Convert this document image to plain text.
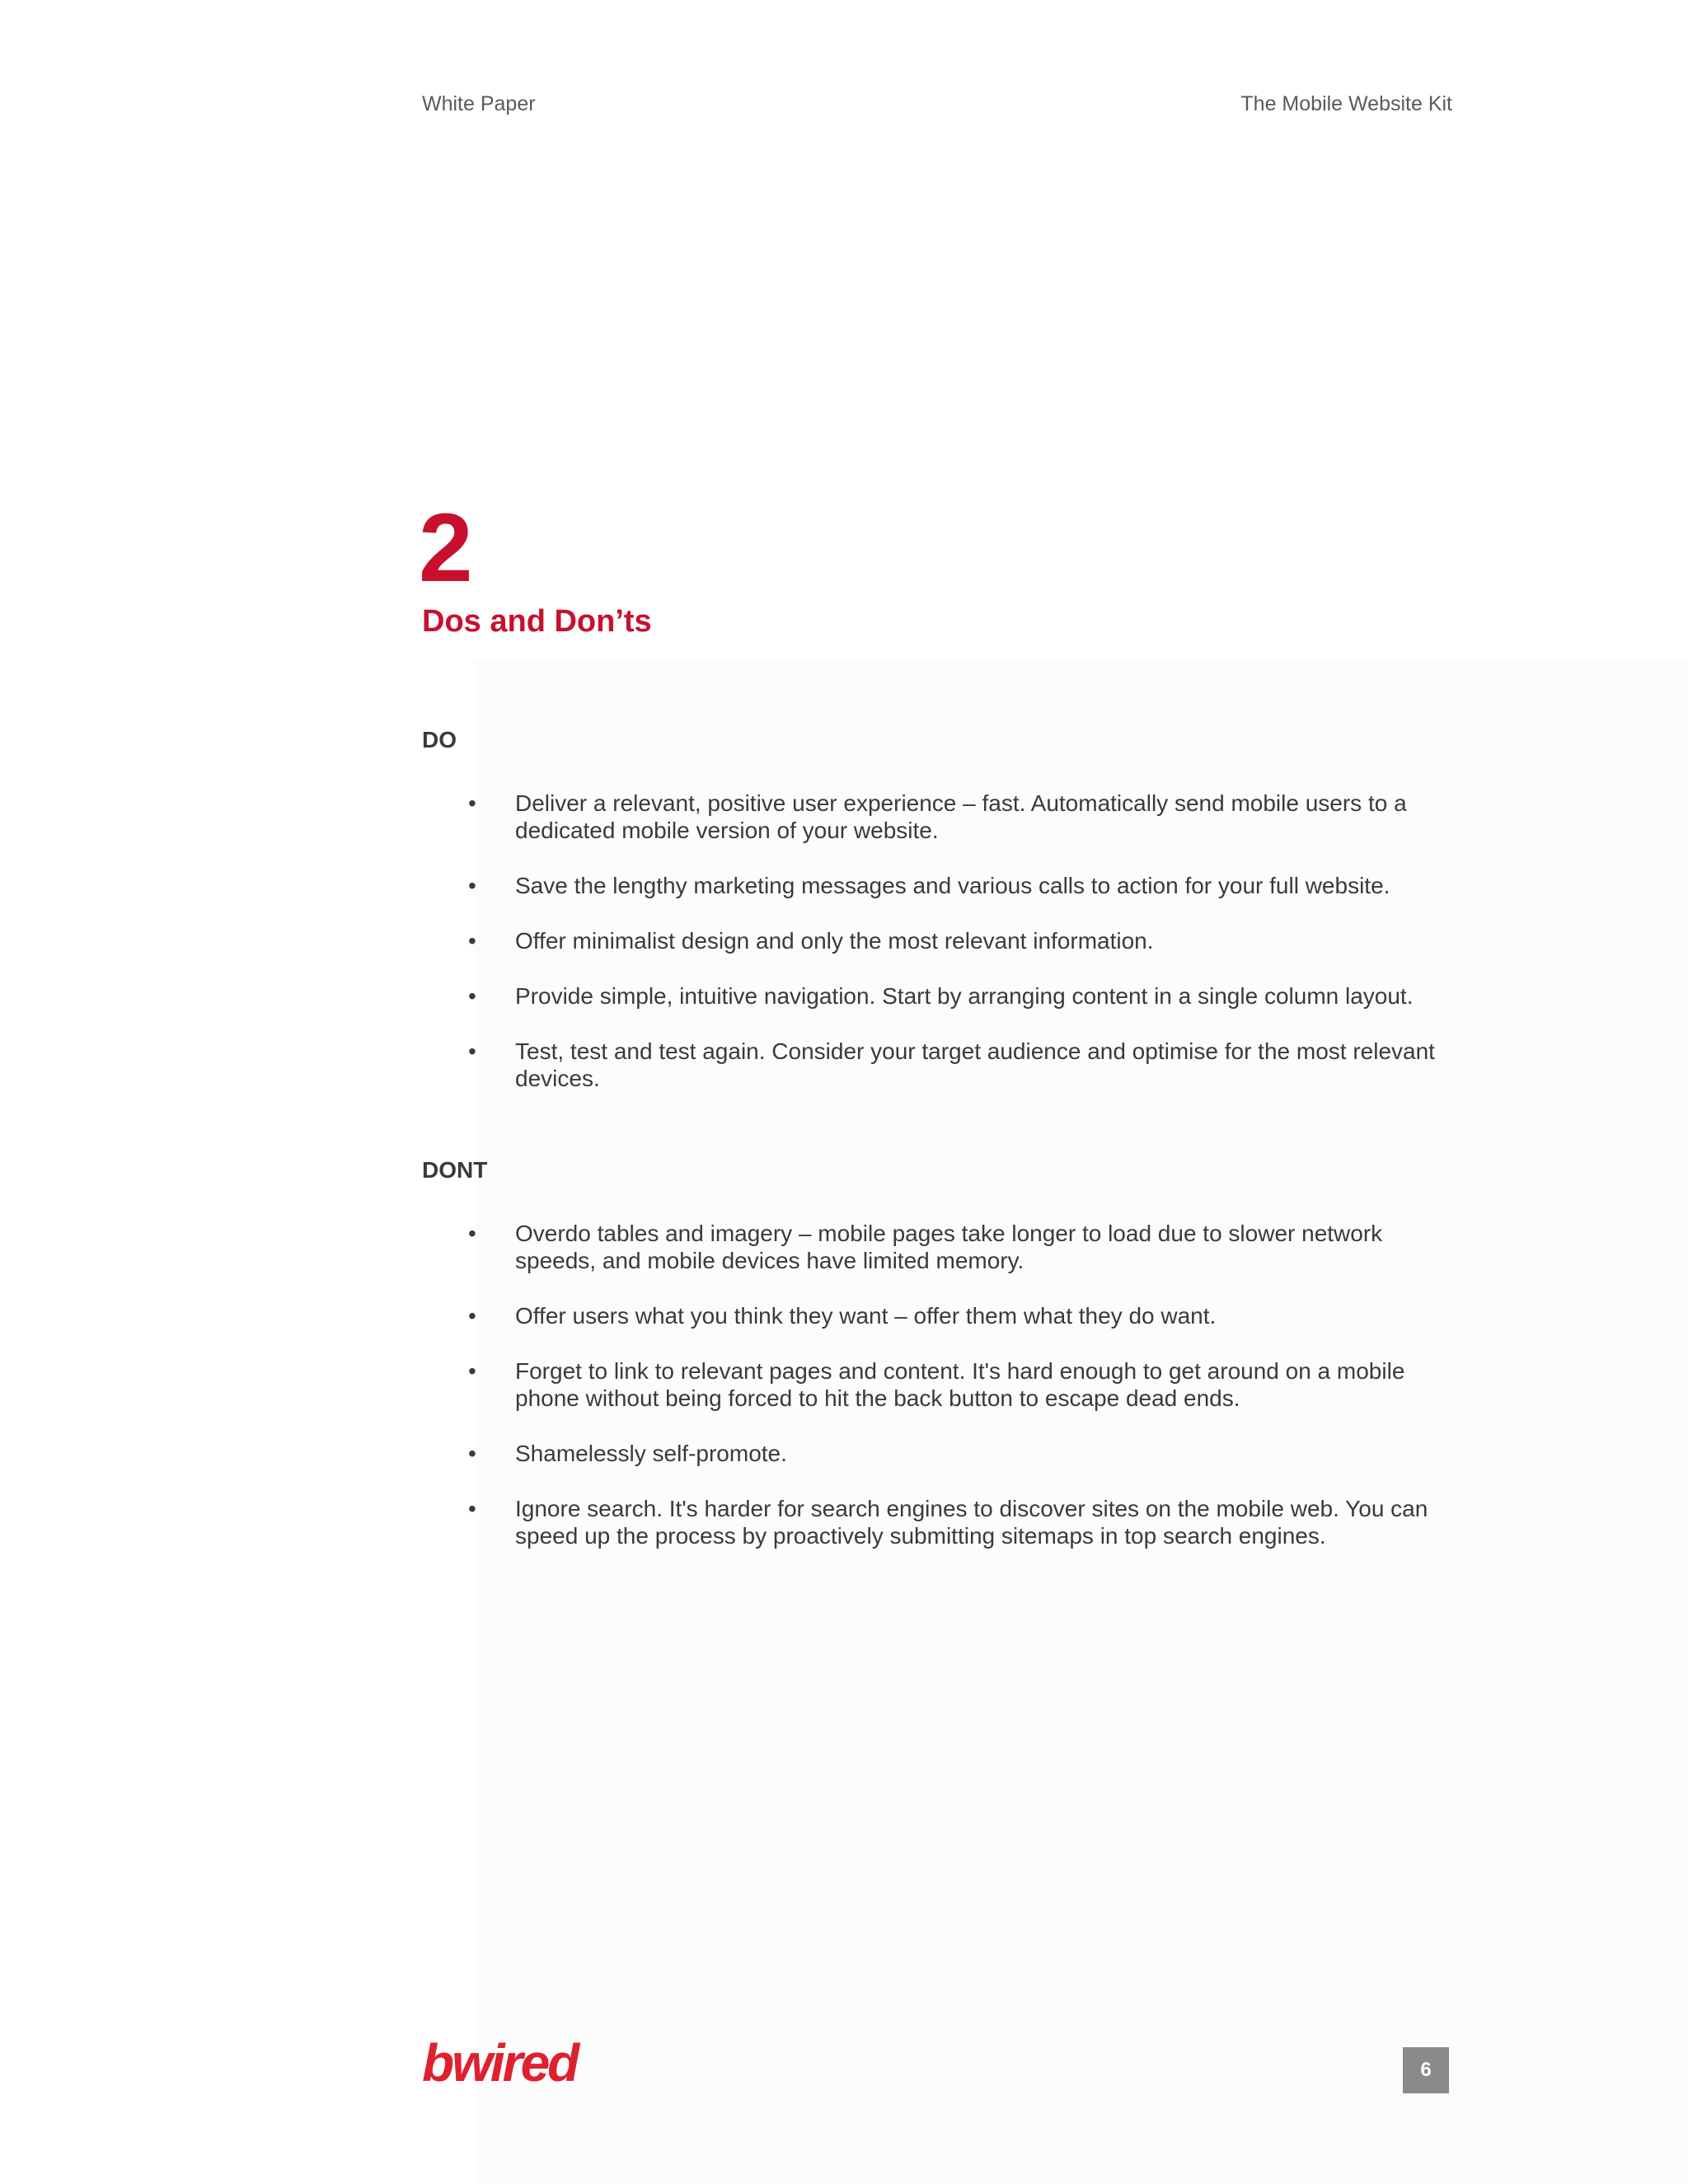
White Paper	The Mobile Website Kit
2
Dos and Don’ts
DO
•	Deliver a relevant, positive user experience – fast. Automatically send mobile users to a dedicated mobile version of your website.
•	Save the lengthy marketing messages and various calls to action for your full website.
•	Offer minimalist design and only the most relevant information.
•	Provide simple, intuitive navigation. Start by arranging content in a single column layout.
•	Test, test and test again. Consider your target audience and optimise for the most relevant devices.
DONT
•	Overdo tables and imagery – mobile pages take longer to load due to slower network speeds, and mobile devices have limited memory.
•	Offer users what you think they want – offer them what they do want.
•	Forget to link to relevant pages and content. It's hard enough to get around on a mobile phone without being forced to hit the back button to escape dead ends.
•	Shamelessly self-promote.
•	Ignore search. It's harder for search engines to discover sites on the mobile web. You can speed up the process by proactively submitting sitemaps in top search engines.
bwired	6
